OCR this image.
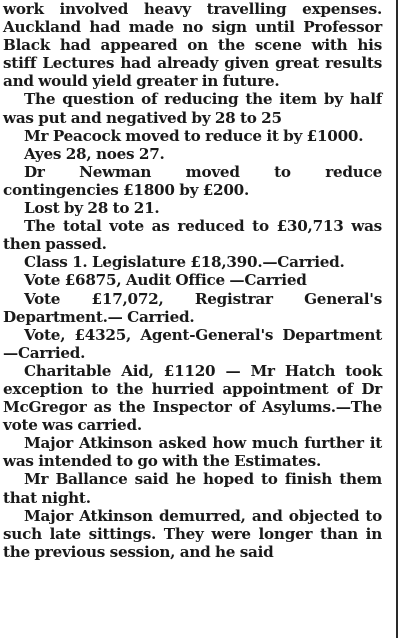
work involved heavy travelling expenses. Auckland had made no sign until Professor Black had appeared on the scene with his stiff Lectures had already given great results and would yield greater in future.

The question of reducing the item by half was put and negatived by 28 to 25

Mr Peacock moved to reduce it by £1000.

Ayes 28, noes 27.

Dr Newman moved to reduce contingencies £1800 by £200.

Lost by 28 to 21.

The total vote as reduced to £30,713 was then passed.

Class 1. Legislature £18,390.—Carried.

Vote £6875, Audit Office —Carried

Vote £17,072, Registrar General's Department.— Carried.

Vote, £4325, Agent-General's Department —Carried.

Charitable Aid, £1120 — Mr Hatch took exception to the hurried appointment of Dr McGregor as the Inspector of Asylums.—The vote was carried.

Major Atkinson asked how much further it was intended to go with the Estimates.

Mr Ballance said he hoped to finish them that night.

Major Atkinson demurred, and objected to such late sittings. They were longer than in the previous session, and he said
